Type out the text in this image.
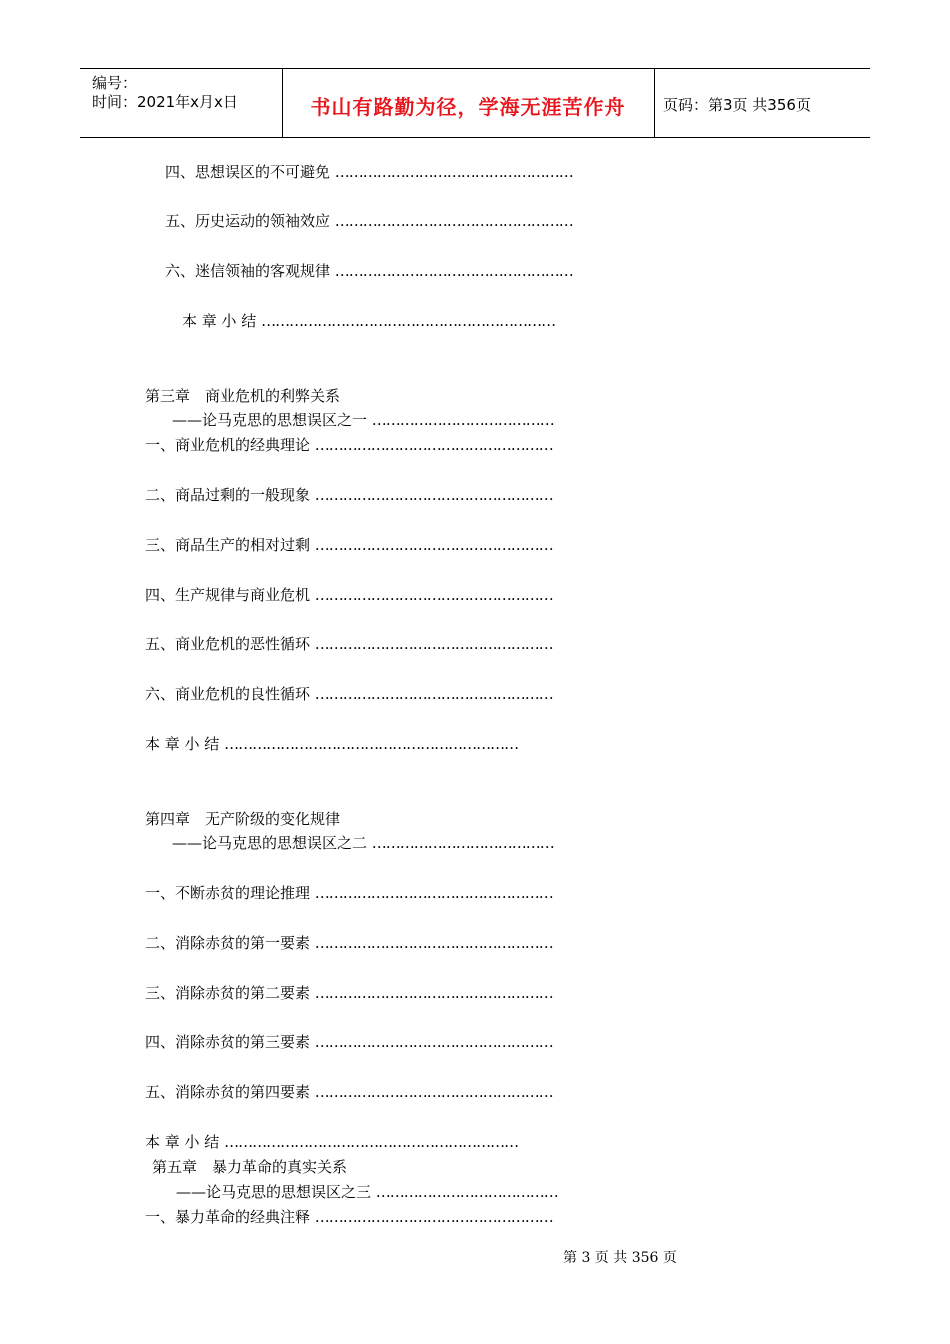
编号：
时间：2021年x月x日	书山有路勤为径，学海无涯苦作舟	页码：第3页 共356页
四、思想误区的不可避免 ……………………………………………
五、历史运动的领袖效应 ……………………………………………
六、迷信领袖的客观规律 ……………………………………………
本 章 小 结 ………………………………………………………
第三章　商业危机的利弊关系
——论马克思的思想误区之一 …………………………………
一、商业危机的经典理论 ……………………………………………
二、商品过剩的一般现象 ……………………………………………
三、商品生产的相对过剩 ……………………………………………
四、生产规律与商业危机 ……………………………………………
五、商业危机的恶性循环 ……………………………………………
六、商业危机的良性循环 ……………………………………………
本 章 小 结 ………………………………………………………
第四章　无产阶级的变化规律
——论马克思的思想误区之二 …………………………………
一、不断赤贫的理论推理 ……………………………………………
二、消除赤贫的第一要素 ……………………………………………
三、消除赤贫的第二要素 ……………………………………………
四、消除赤贫的第三要素 ……………………………………………
五、消除赤贫的第四要素 ……………………………………………
本 章 小 结 ………………………………………………………
第五章　暴力革命的真实关系
——论马克思的思想误区之三 …………………………………
一、暴力革命的经典注释 ……………………………………………
第 3 页 共 356 页
